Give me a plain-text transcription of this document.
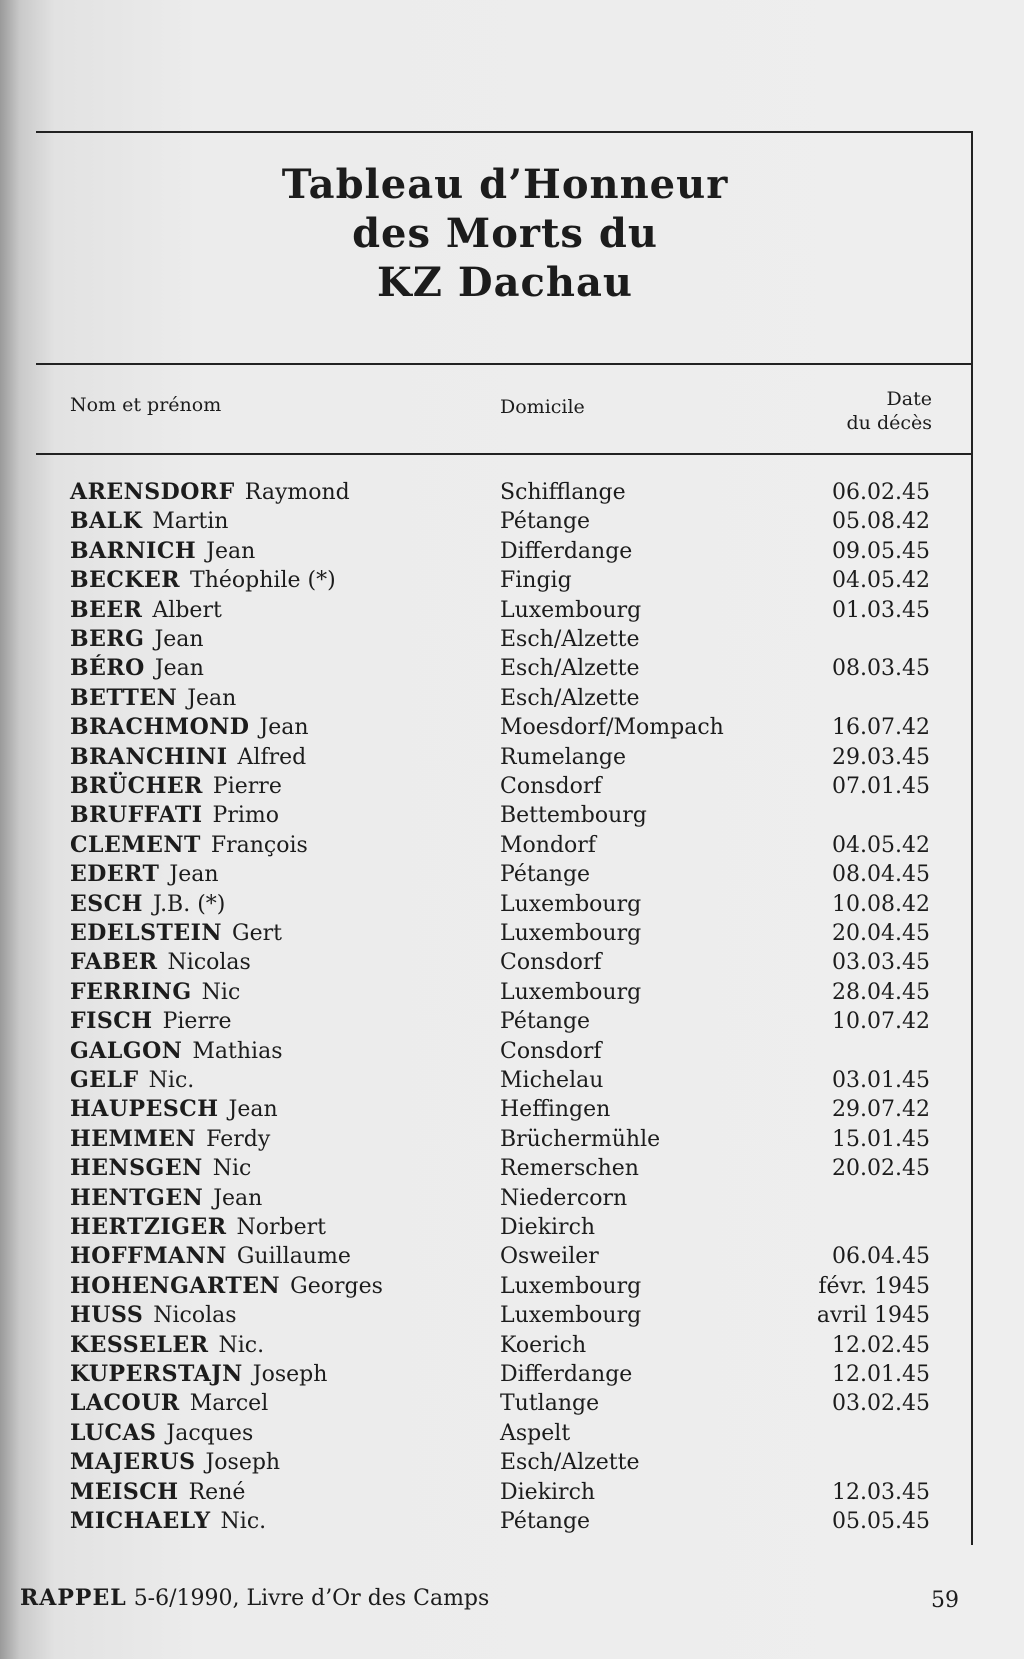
Tableau d’Honneur
des Morts du
KZ Dachau
Nom et prénom	Domicile	Date
du décès
ARENSDORF Raymond	Schifflange	06.02.45
BALK Martin	Pétange	05.08.42
BARNICH Jean	Differdange	09.05.45
BECKER Théophile (*)	Fingig	04.05.42
BEER Albert	Luxembourg	01.03.45
BERG Jean	Esch/Alzette
BÉRO Jean	Esch/Alzette	08.03.45
BETTEN Jean	Esch/Alzette
BRACHMOND Jean	Moesdorf/Mompach	16.07.42
BRANCHINI Alfred	Rumelange	29.03.45
BRÜCHER Pierre	Consdorf	07.01.45
BRUFFATI Primo	Bettembourg
CLEMENT François	Mondorf	04.05.42
EDERT Jean	Pétange	08.04.45
ESCH J.B. (*)	Luxembourg	10.08.42
EDELSTEIN Gert	Luxembourg	20.04.45
FABER Nicolas	Consdorf	03.03.45
FERRING Nic	Luxembourg	28.04.45
FISCH Pierre	Pétange	10.07.42
GALGON Mathias	Consdorf
GELF Nic.	Michelau	03.01.45
HAUPESCH Jean	Heffingen	29.07.42
HEMMEN Ferdy	Brüchermühle	15.01.45
HENSGEN Nic	Remerschen	20.02.45
HENTGEN Jean	Niedercorn
HERTZIGER Norbert	Diekirch
HOFFMANN Guillaume	Osweiler	06.04.45
HOHENGARTEN Georges	Luxembourg	févr. 1945
HUSS Nicolas	Luxembourg	avril 1945
KESSELER Nic.	Koerich	12.02.45
KUPERSTAJN Joseph	Differdange	12.01.45
LACOUR Marcel	Tutlange	03.02.45
LUCAS Jacques	Aspelt
MAJERUS Joseph	Esch/Alzette
MEISCH René	Diekirch	12.03.45
MICHAELY Nic.	Pétange	05.05.45
RAPPEL 5-6/1990, Livre d’Or des Camps	59
